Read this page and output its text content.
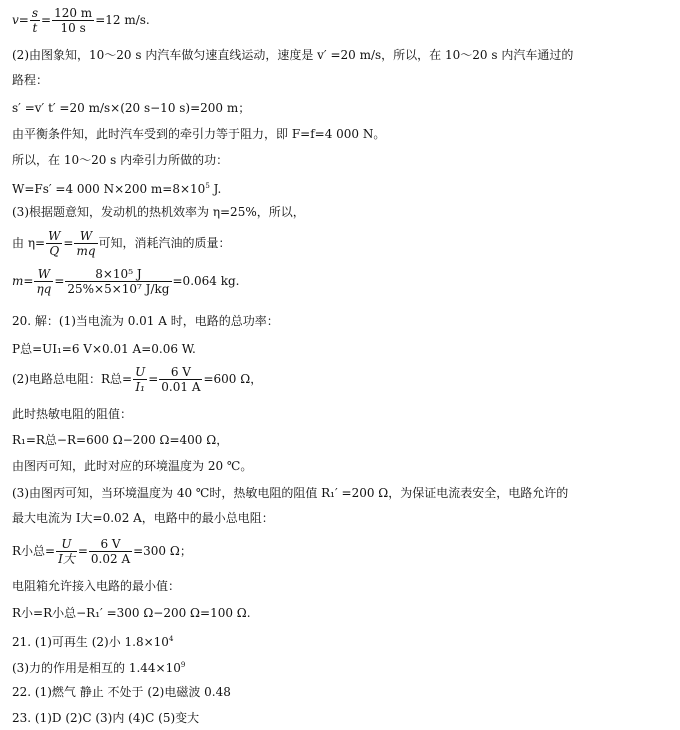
$v= \frac{s}{t} = \frac{120 m}{10 s} =12$ m/s.
(2)由图象知，10～20 s 内汽车做匀速直线运动，速度是 v′ =20 m/s，所以，在 10～20 s 内汽车通过的
路程：
s′ =v′ t′ =20 m/s×(20 s−10 s)=200 m；
由平衡条件知，此时汽车受到的牵引力等于阻力，即 F=f=4 000 N。
所以，在 10～20 s 内牵引力所做的功：
W=Fs′ =4 000 N×200 $m=8\times 10^5$ J.
(3)根据题意知，发动机的热机效率为 η=25%，所以，
由 $\eta= \frac{W}{Q} = \frac{W}{mq}$ 可知，消耗汽油的质量：
$m= \frac{W}{\eta q} = \frac{\text{8×10⁵ J}}{\text{25\%×5×10⁷ J/kg}} =0.064$ kg.
20. 解：(1)当电流为 0.01 A 时，电路的总功率：
P总=UI₁=6 V×0.01 A=0.06 W.
(2)电路总电阻：R总= $\frac{U}{\text{I₁}} = \frac{6 V}{0.01 A} =600$ Ω，
此时热敏电阻的阻值：
R₁=R总−R=600 Ω−200 Ω=400 Ω，
由图丙可知，此时对应的环境温度为 20 ℃。
(3)由图丙可知，当环境温度为 40 ℃时，热敏电阻的阻值 R₁′ =200 Ω，为保证电流表安全，电路允许的
最大电流为 I大=0.02 A，电路中的最小总电阻：
R小总= $\frac{U}{\text{I大}} = \frac{6 V}{0.02 A} =300$ Ω；
电阻箱允许接入电路的最小值：
R小=R小总−R₁′ =300 Ω−200 Ω=100 Ω.
21. (1)可再生 (2)小 $1.8\times 10^4$
(3)力的作用是相互的 $1.44\times 10^9$
22. (1)燃气 静止 不处于 (2)电磁波 0.48
23. (1)D (2)C (3)内 (4)C (5)变大
